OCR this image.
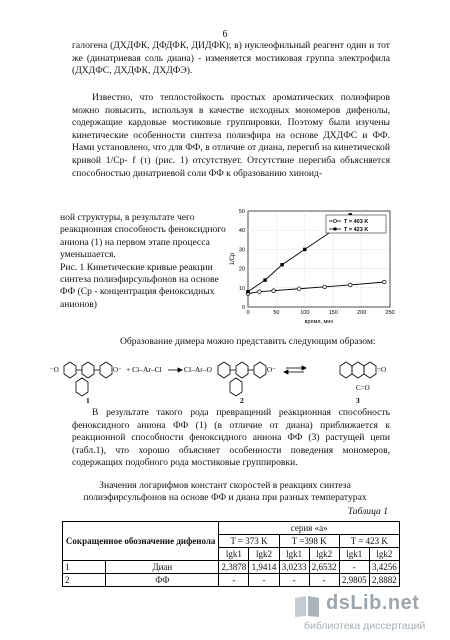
6
галогена (ДХДФК, ДФДФК, ДИДФК); в) нуклеофильный реагент один и тот же (динатриевая соль диана) - изменяется мостиковая группа электрофила (ДХДФС, ДХДФК, ДХДФЭ).
Известно, что теплостойкость простых ароматических полиэфиров можно повысить, используя в качестве исходных мономеров дифенолы, содержащие кардовые мостиковые группировки. Поэтому были изучены кинетические особенности синтеза полиэфира на основе ДХДФС и ФФ. Нами установлено, что для ФФ, в отличие от диана, перегиб на кинетической кривой 1/Ср- f (τ) (рис. 1) отсутствует. Отсутствие перегиба объясняется способностью динатриевой соли ФФ к образованию хиноид-
ной структуры, в результате чего реакционная способность феноксидного аниона (1) на первом этапе процесса уменьшается.
Рис. 1 Кинетические кривые реакции синтеза полиэфирсульфонов на основе ФФ (Ср - концентрация феноксидных анионов)	0
10
20
30
40
50
0	50	100	150	200	250
T = 403 K
T = 423 K
1/Cp
время, мин
Образование димера можно представить следующим образом:
⁻O	O⁻	O⁻
C=O
=O
+ Cl–Ar–Cl	Cl–Ar–O
1	2	3
В результате такого рода превращений реакционная способность феноксидного аниона ФФ (1) (в отличие от диана) приближается к реакционной способности феноксидного аниона ФФ (3) растущей цепи (табл.1), что хорошо объясняет особенности поведения мономеров, содержащих подобного рода мостиковые группировки.
Значения логарифмов констант скоростей в реакциях синтеза полиэфирсульфонов на основе ФФ и диана при разных температурах
Таблица 1
Сокращенное обозначение дифенола		серия «а»					
		T = 373 K		T =398 K		T = 423 K	
		lgk1	lgk2	lgk1	lgk2	lgk1	lgk2
1	Диан	2,3878	1,9414	3,0233	2,6532	-	3,4256
2	ФФ	-	-	-	-	2,9805	2,8882
dsLib.net
библиотека диссертаций
